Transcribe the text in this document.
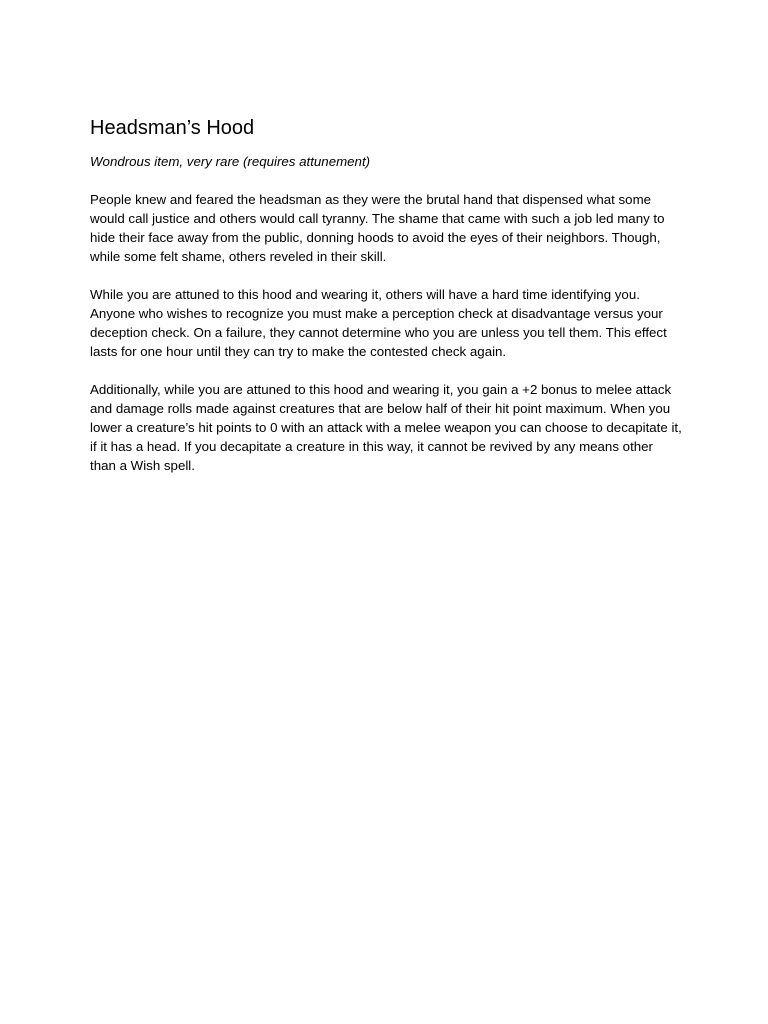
Headsman’s Hood
Wondrous item, very rare (requires attunement)

People knew and feared the headsman as they were the brutal hand that dispensed what some would call justice and others would call tyranny. The shame that came with such a job led many to hide their face away from the public, donning hoods to avoid the eyes of their neighbors. Though, while some felt shame, others reveled in their skill.

While you are attuned to this hood and wearing it, others will have a hard time identifying you. Anyone who wishes to recognize you must make a perception check at disadvantage versus your deception check. On a failure, they cannot determine who you are unless you tell them. This effect lasts for one hour until they can try to make the contested check again.

Additionally, while you are attuned to this hood and wearing it, you gain a +2 bonus to melee attack and damage rolls made against creatures that are below half of their hit point maximum. When you lower a creature’s hit points to 0 with an attack with a melee weapon you can choose to decapitate it, if it has a head. If you decapitate a creature in this way, it cannot be revived by any means other than a Wish spell.
